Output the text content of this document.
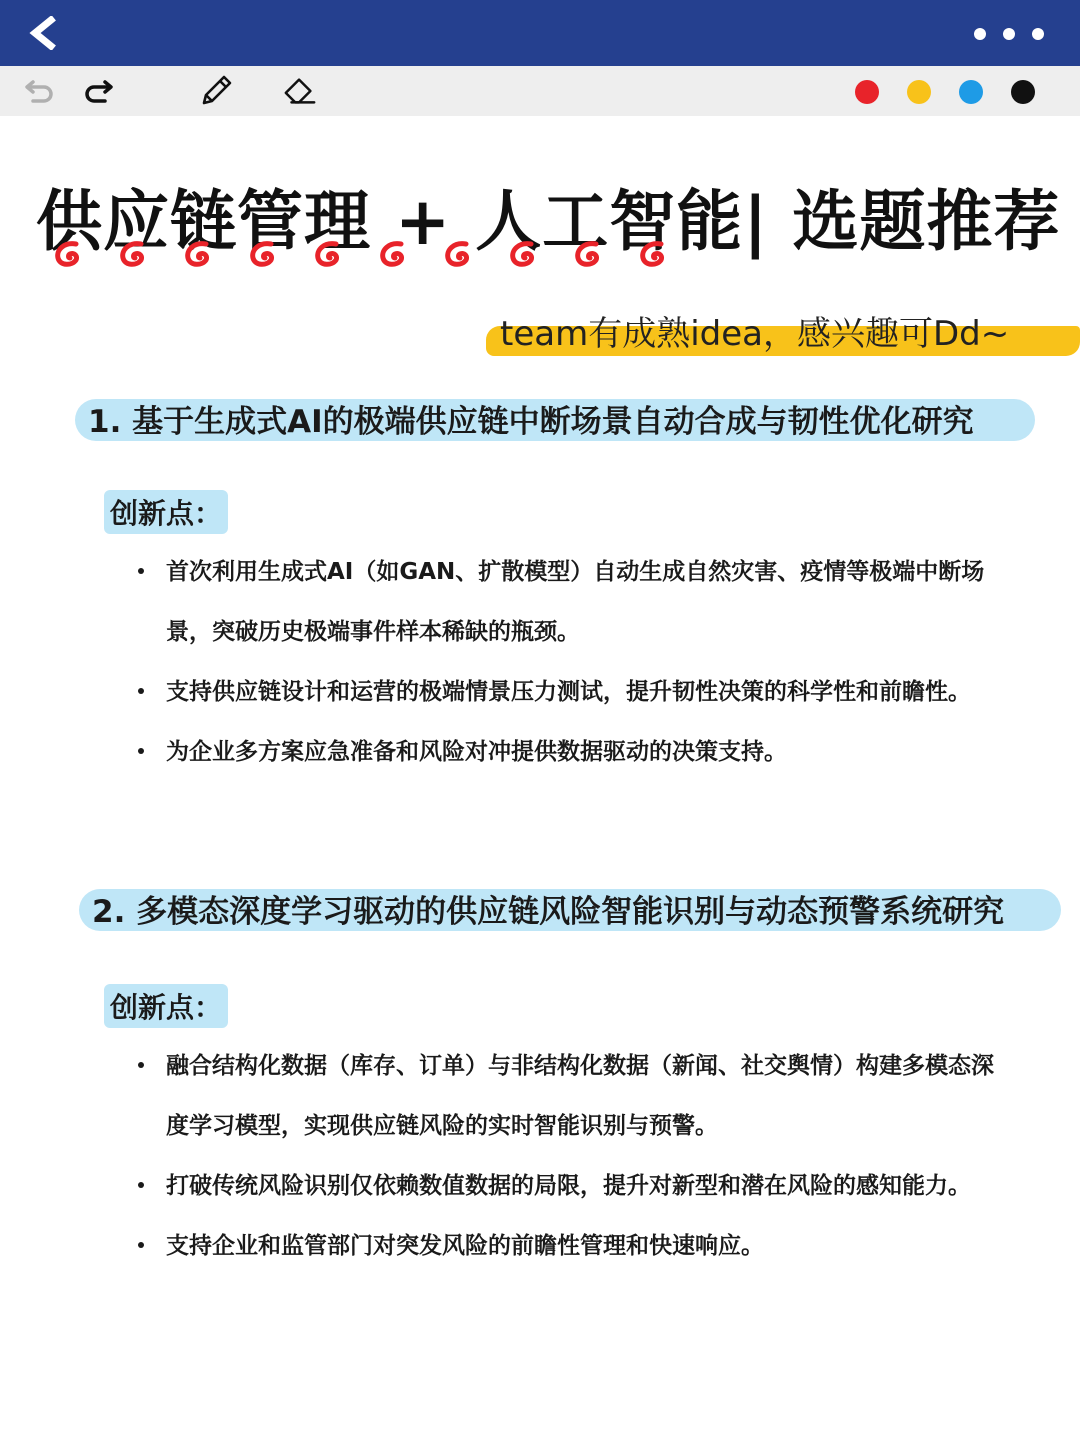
供应链管理 + 人工智能| 选题推荐
team有成熟idea，感兴趣可Dd~
1. 基于生成式AI的极端供应链中断场景自动合成与韧性优化研究
创新点：
首次利用生成式AI（如GAN、扩散模型）自动生成自然灾害、疫情等极端中断场景，突破历史极端事件样本稀缺的瓶颈。
支持供应链设计和运营的极端情景压力测试，提升韧性决策的科学性和前瞻性。
为企业多方案应急准备和风险对冲提供数据驱动的决策支持。
2. 多模态深度学习驱动的供应链风险智能识别与动态预警系统研究
创新点：
融合结构化数据（库存、订单）与非结构化数据（新闻、社交舆情）构建多模态深度学习模型，实现供应链风险的实时智能识别与预警。
打破传统风险识别仅依赖数值数据的局限，提升对新型和潜在风险的感知能力。
支持企业和监管部门对突发风险的前瞻性管理和快速响应。
